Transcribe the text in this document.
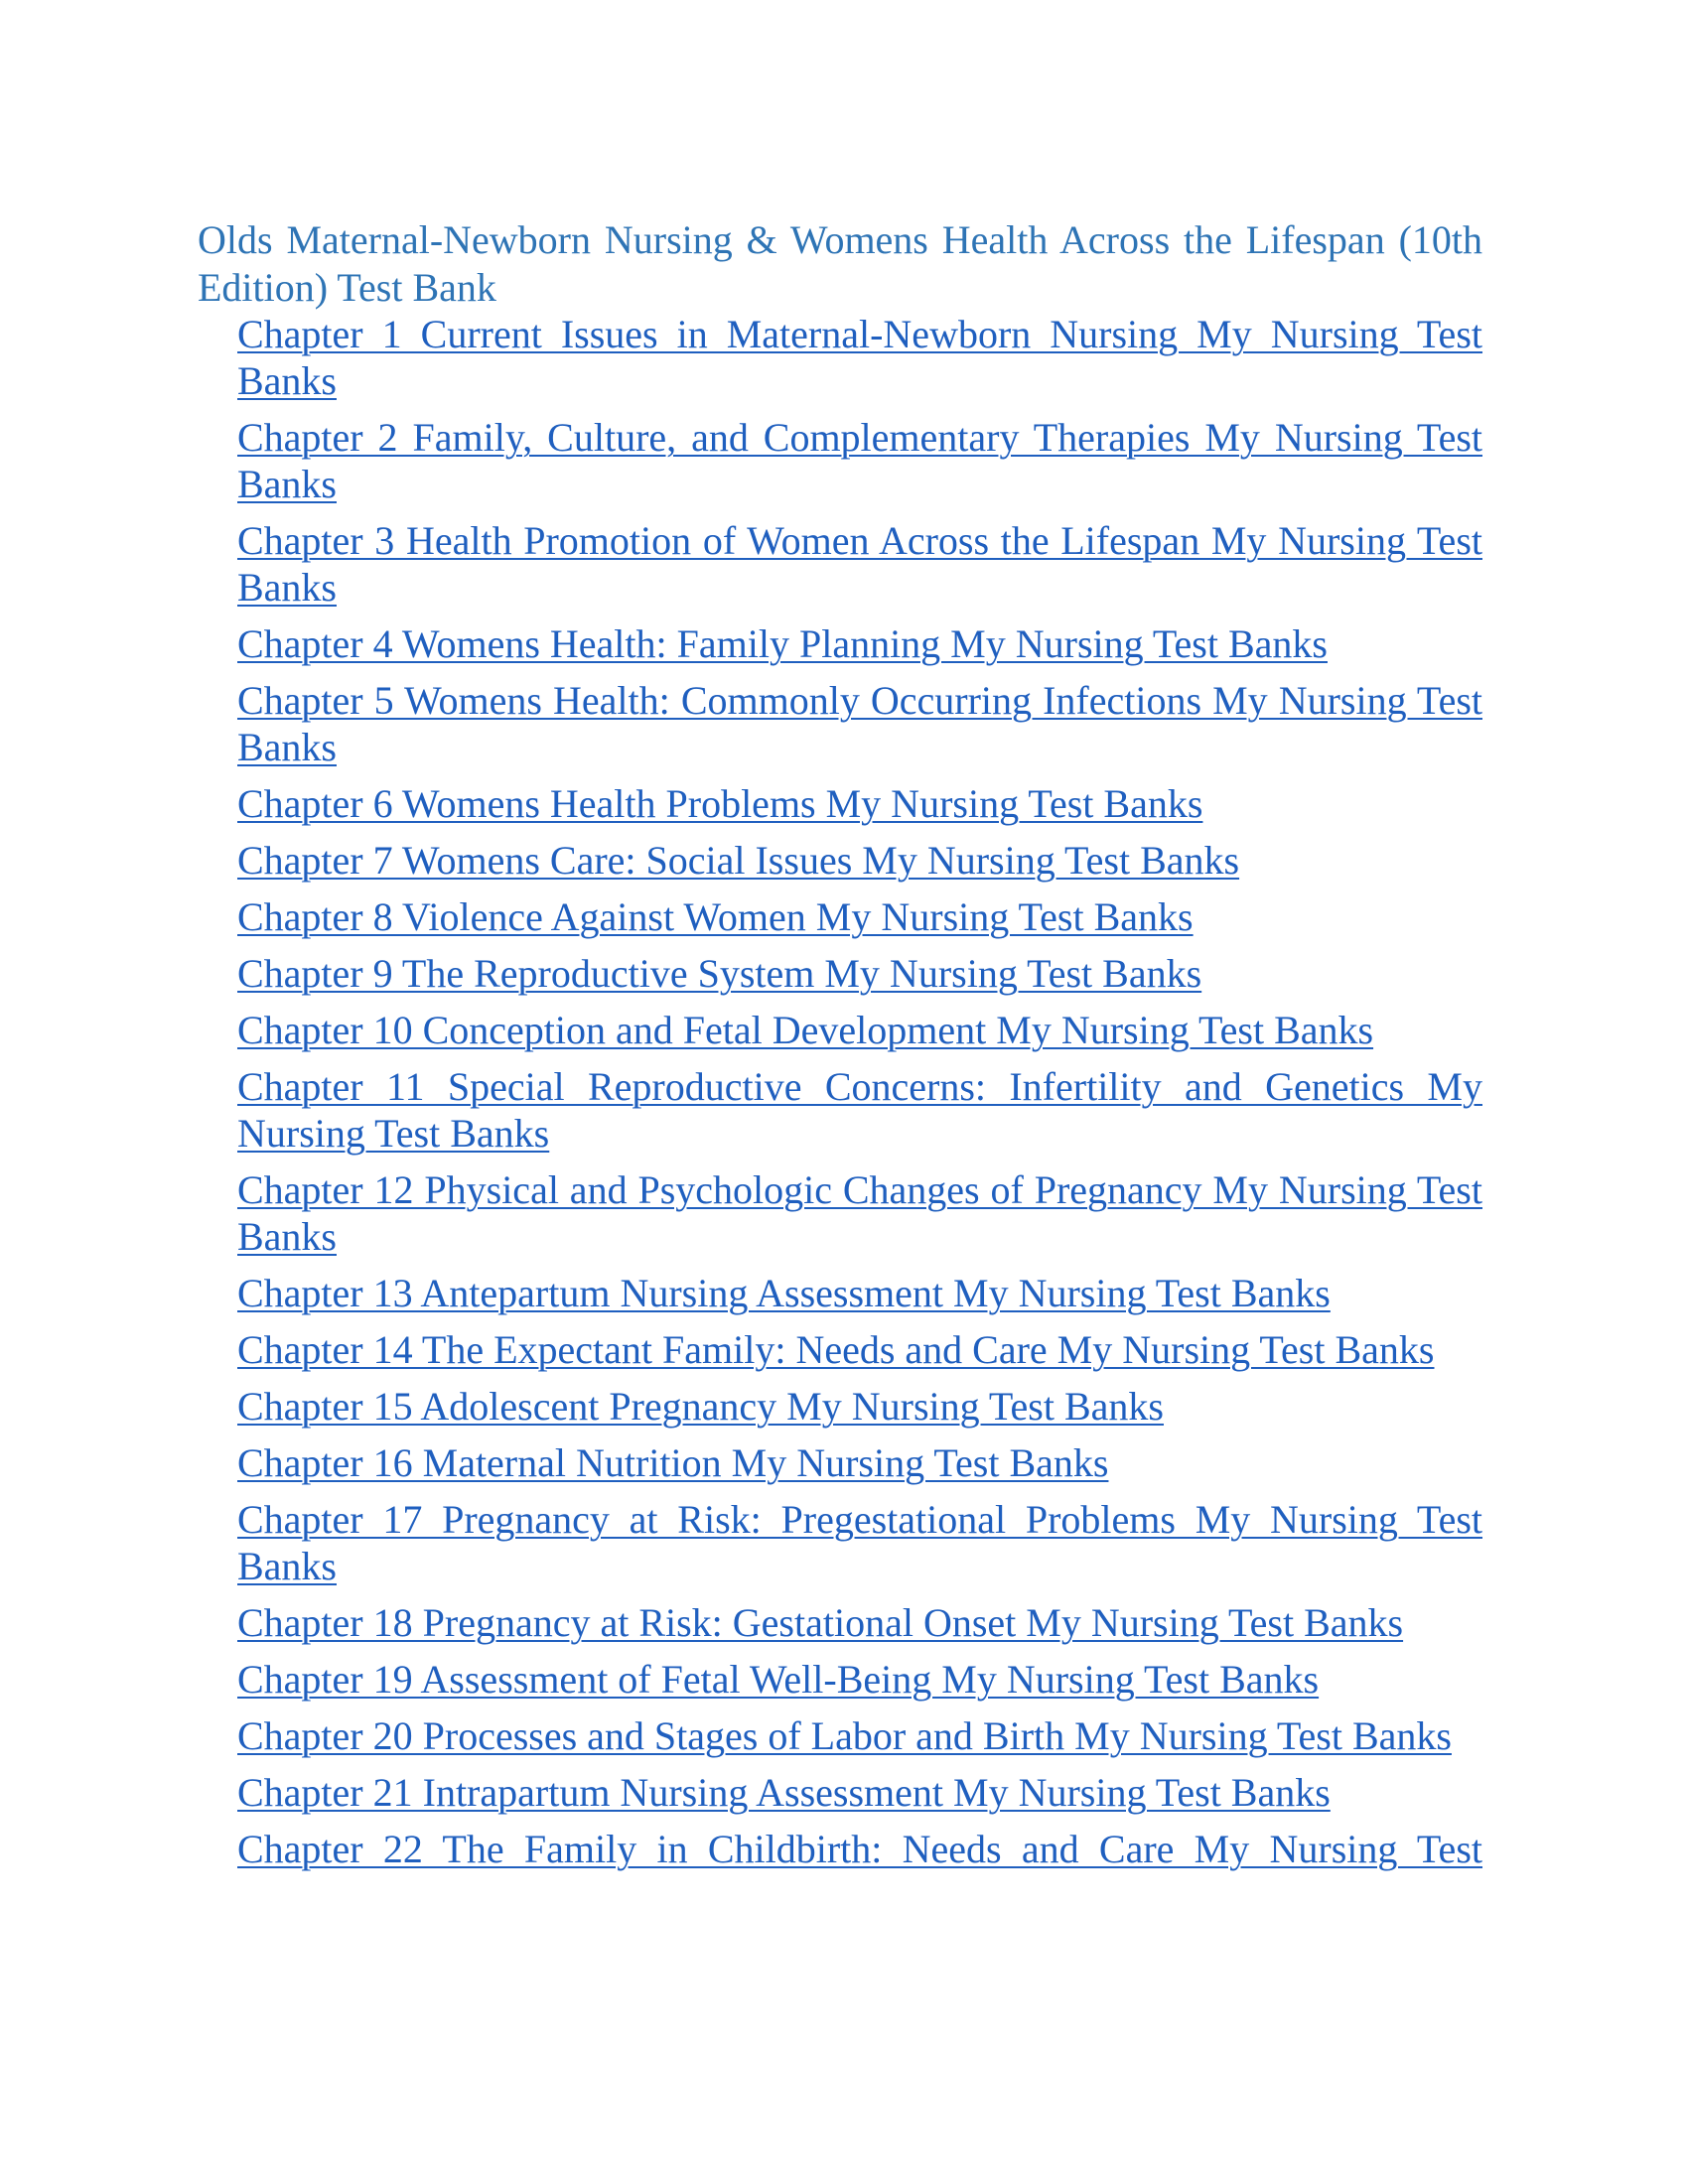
Olds Maternal-Newborn Nursing & Womens Health Across the Lifespan (10th Edition) Test Bank
Chapter 1 Current Issues in Maternal-Newborn Nursing My Nursing Test Banks
Chapter 2 Family, Culture, and Complementary Therapies My Nursing Test Banks
Chapter 3 Health Promotion of Women Across the Lifespan My Nursing Test Banks
Chapter 4 Womens Health: Family Planning My Nursing Test Banks
Chapter 5 Womens Health: Commonly Occurring Infections My Nursing Test Banks
Chapter 6 Womens Health Problems My Nursing Test Banks
Chapter 7 Womens Care: Social Issues My Nursing Test Banks
Chapter 8 Violence Against Women My Nursing Test Banks
Chapter 9 The Reproductive System My Nursing Test Banks
Chapter 10 Conception and Fetal Development My Nursing Test Banks
Chapter 11 Special Reproductive Concerns: Infertility and Genetics My Nursing Test Banks
Chapter 12 Physical and Psychologic Changes of Pregnancy My Nursing Test Banks
Chapter 13 Antepartum Nursing Assessment My Nursing Test Banks
Chapter 14 The Expectant Family: Needs and Care My Nursing Test Banks
Chapter 15 Adolescent Pregnancy My Nursing Test Banks
Chapter 16 Maternal Nutrition My Nursing Test Banks
Chapter 17 Pregnancy at Risk: Pregestational Problems My Nursing Test Banks
Chapter 18 Pregnancy at Risk: Gestational Onset My Nursing Test Banks
Chapter 19 Assessment of Fetal Well-Being My Nursing Test Banks
Chapter 20 Processes and Stages of Labor and Birth My Nursing Test Banks
Chapter 21 Intrapartum Nursing Assessment My Nursing Test Banks
Chapter 22 The Family in Childbirth: Needs and Care My Nursing Test
